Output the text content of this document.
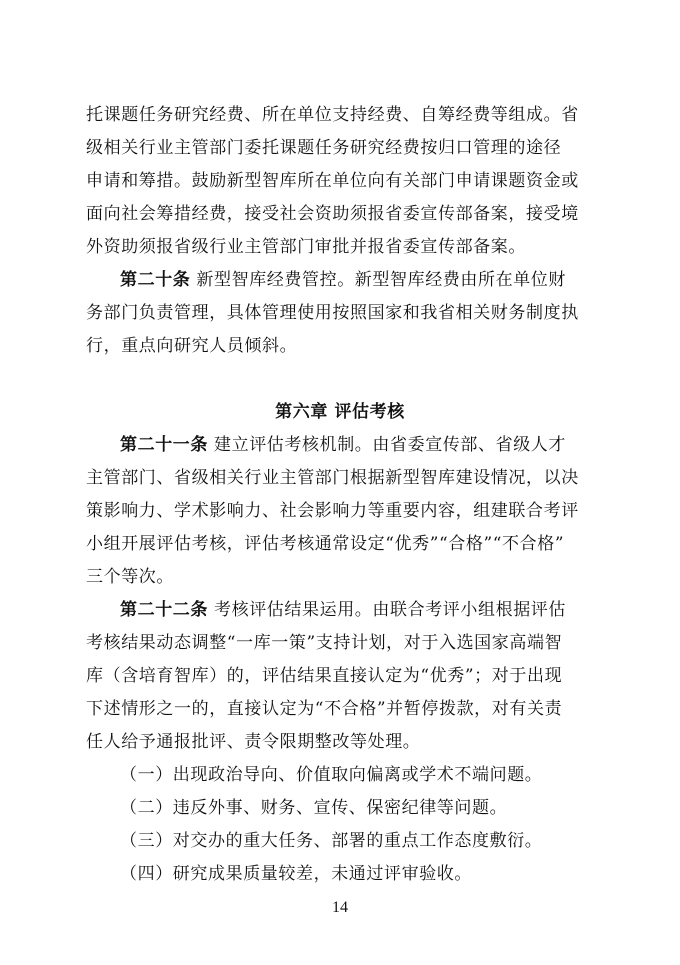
托课题任务研究经费、所在单位支持经费、自筹经费等组成。省
级相关行业主管部门委托课题任务研究经费按归口管理的途径
申请和筹措。鼓励新型智库所在单位向有关部门申请课题资金或
面向社会筹措经费，接受社会资助须报省委宣传部备案，接受境
外资助须报省级行业主管部门审批并报省委宣传部备案。
第二十条 新型智库经费管控。新型智库经费由所在单位财
务部门负责管理，具体管理使用按照国家和我省相关财务制度执
行，重点向研究人员倾斜。
第六章 评估考核
第二十一条 建立评估考核机制。由省委宣传部、省级人才
主管部门、省级相关行业主管部门根据新型智库建设情况，以决
策影响力、学术影响力、社会影响力等重要内容，组建联合考评
小组开展评估考核，评估考核通常设定“优秀”“合格”“不合格”
三个等次。
第二十二条 考核评估结果运用。由联合考评小组根据评估
考核结果动态调整“一库一策”支持计划，对于入选国家高端智
库（含培育智库）的，评估结果直接认定为“优秀”；对于出现
下述情形之一的，直接认定为“不合格”并暂停拨款，对有关责
任人给予通报批评、责令限期整改等处理。
（一）出现政治导向、价值取向偏离或学术不端问题。
（二）违反外事、财务、宣传、保密纪律等问题。
（三）对交办的重大任务、部署的重点工作态度敷衍。
（四）研究成果质量较差，未通过评审验收。
14
